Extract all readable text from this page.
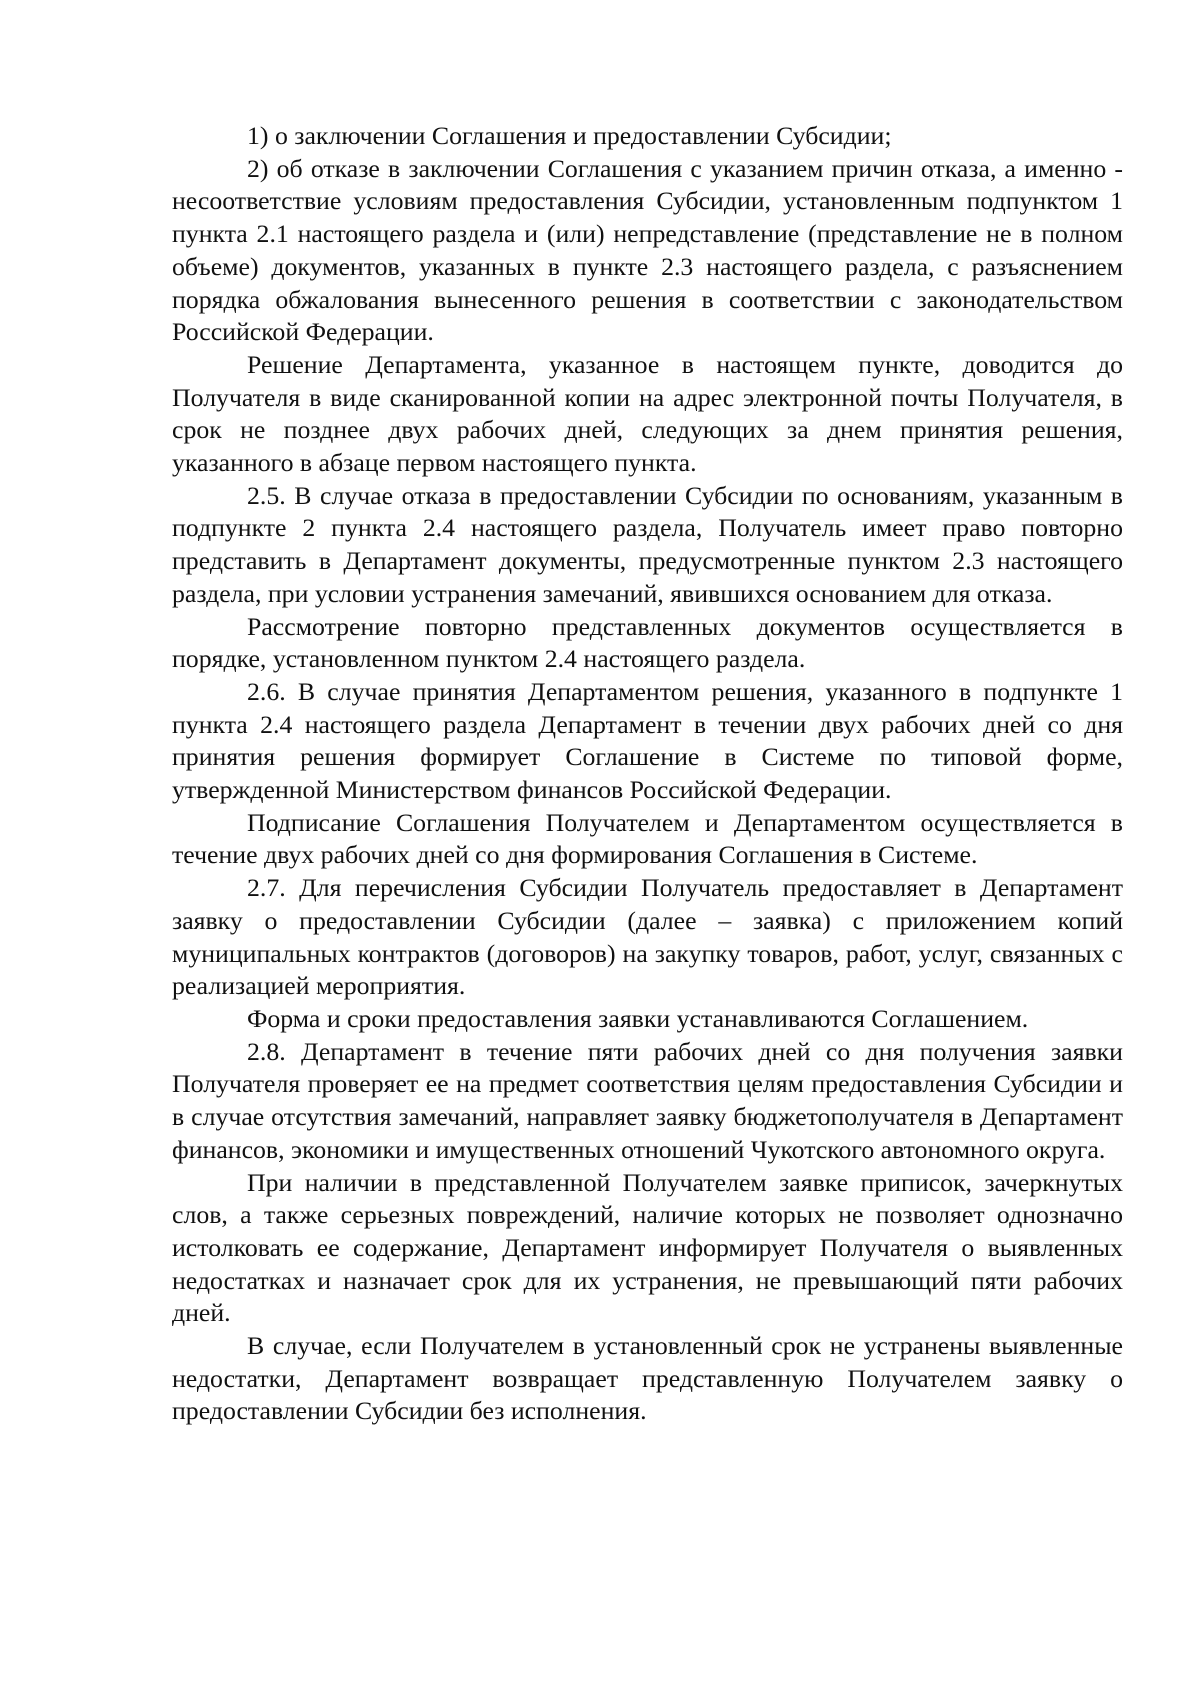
1) о заключении Соглашения и предоставлении Субсидии;

2) об отказе в заключении Соглашения с указанием причин отказа, а именно - несоответствие условиям предоставления Субсидии, установленным подпунктом 1 пункта 2.1 настоящего раздела и (или) непредставление (представление не в полном объеме) документов, указанных в пункте 2.3 настоящего раздела, с разъяснением порядка обжалования вынесенного решения в соответствии с законодательством Российской Федерации.

Решение Департамента, указанное в настоящем пункте, доводится до Получателя в виде сканированной копии на адрес электронной почты Получателя, в срок не позднее двух рабочих дней, следующих за днем принятия решения, указанного в абзаце первом настоящего пункта.

2.5. В случае отказа в предоставлении Субсидии по основаниям, указанным в подпункте 2 пункта 2.4 настоящего раздела, Получатель имеет право повторно представить в Департамент документы, предусмотренные пунктом 2.3 настоящего раздела, при условии устранения замечаний, явившихся основанием для отказа.

Рассмотрение повторно представленных документов осуществляется в порядке, установленном пунктом 2.4 настоящего раздела.

2.6. В случае принятия Департаментом решения, указанного в подпункте 1 пункта 2.4 настоящего раздела Департамент в течении двух рабочих дней со дня принятия решения формирует Соглашение в Системе по типовой форме, утвержденной Министерством финансов Российской Федерации.

Подписание Соглашения Получателем и Департаментом осуществляется в течение двух рабочих дней со дня формирования Соглашения в Системе.

2.7. Для перечисления Субсидии Получатель предоставляет в Департамент заявку о предоставлении Субсидии (далее – заявка) с приложением копий муниципальных контрактов (договоров) на закупку товаров, работ, услуг, связанных с реализацией мероприятия.

Форма и сроки предоставления заявки устанавливаются Соглашением.

2.8. Департамент в течение пяти рабочих дней со дня получения заявки Получателя проверяет ее на предмет соответствия целям предоставления Субсидии и в случае отсутствия замечаний, направляет заявку бюджетополучателя в Департамент финансов, экономики и имущественных отношений Чукотского автономного округа.

При наличии в представленной Получателем заявке приписок, зачеркнутых слов, а также серьезных повреждений, наличие которых не позволяет однозначно истолковать ее содержание, Департамент информирует Получателя о выявленных недостатках и назначает срок для их устранения, не превышающий пяти рабочих дней.

В случае, если Получателем в установленный срок не устранены выявленные недостатки, Департамент возвращает представленную Получателем заявку о предоставлении Субсидии без исполнения.
